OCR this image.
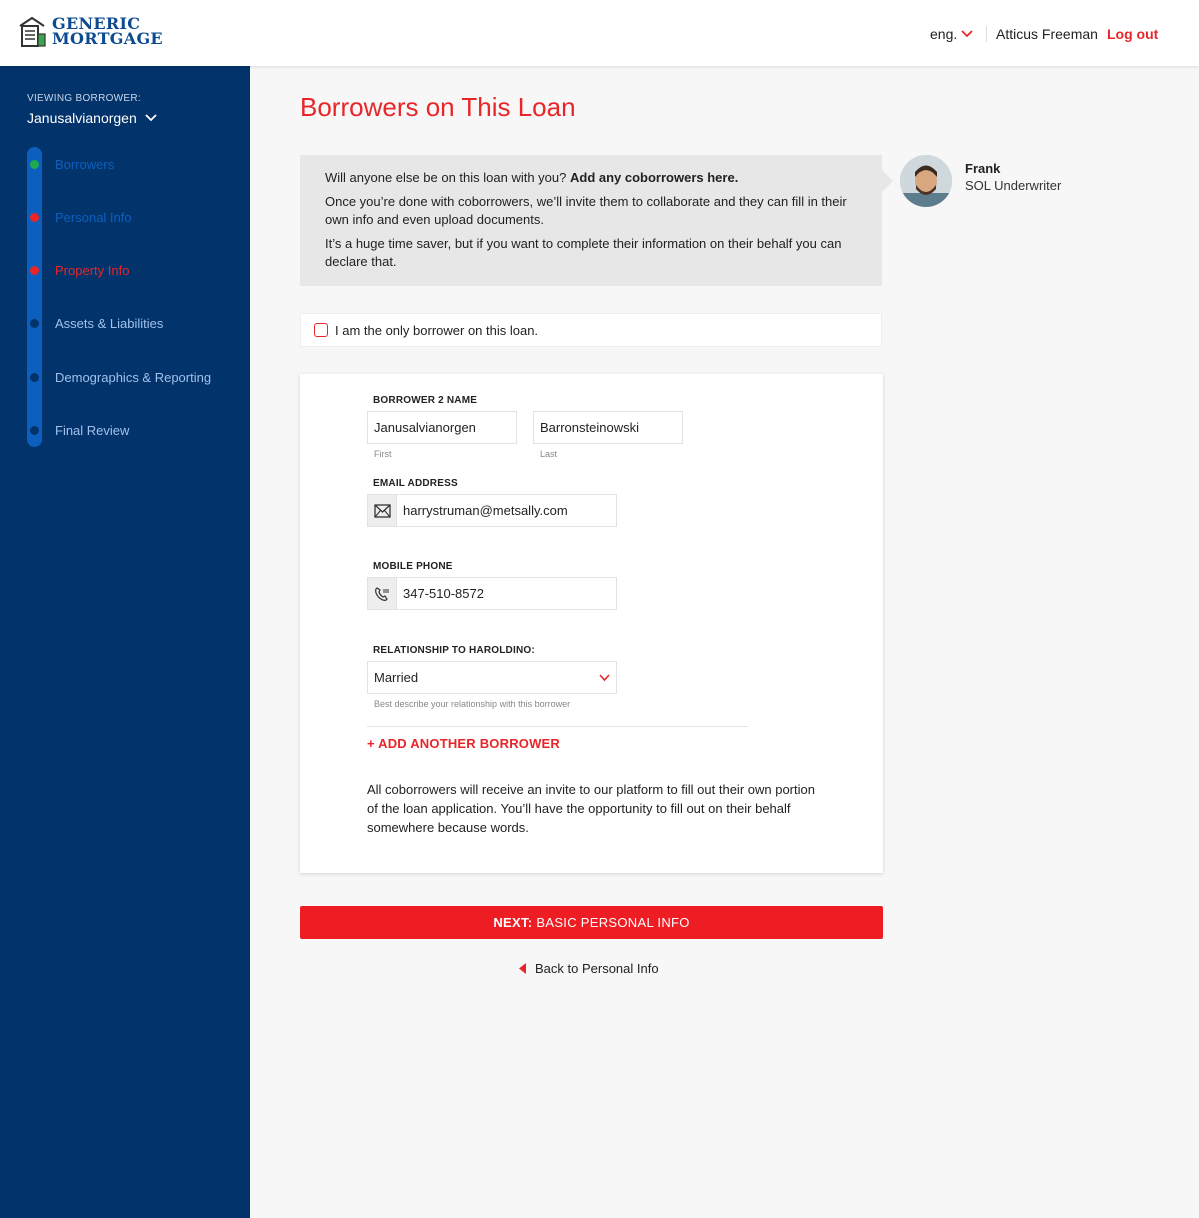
GENERIC
MORTGAGE	eng.	Atticus Freeman Log out
VIEWING BORROWER:
Janusalvianorgen
Borrowers
Personal Info
Property Info
Assets & Liabilities
Demographics & Reporting
Final Review
Borrowers on This Loan

Will anyone else be on this loan with you? Add any coborrowers here.

Once you’re done with coborrowers, we’ll invite them to collaborate and they can fill in their own info and even upload documents.

It’s a huge time saver, but if you want to complete their information on their behalf you can declare that.

Frank
SOL Underwriter
I am the only borrower on this loan.
BORROWER 2 NAME
Janusalvianorgen
First
Barronsteinowski
Last
EMAIL ADDRESS
harrystruman@metsally.com
MOBILE PHONE
347-510-8572
RELATIONSHIP TO HAROLDINO:
Married
Best describe your relationship with this borrower
+ ADD ANOTHER BORROWER
All coborrowers will receive an invite to our platform to fill out their own portion of the loan application. You’ll have the opportunity to fill out on their behalf somewhere because words.
NEXT: BASIC PERSONAL INFO
Back to Personal Info
